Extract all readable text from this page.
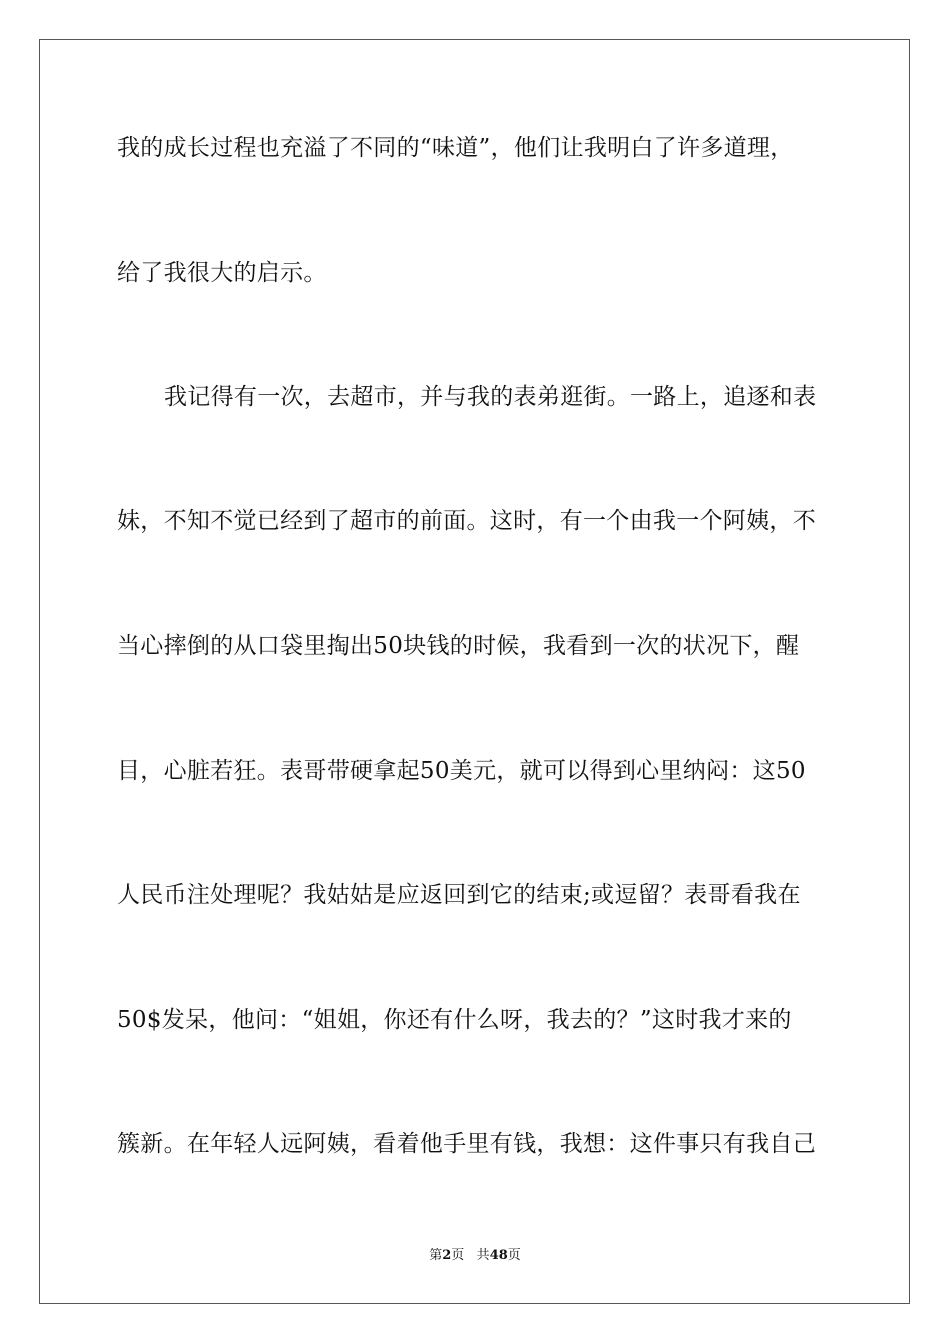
我的成长过程也充溢了不同的“味道”，他们让我明白了许多道理，
给了我很大的启示。
我记得有一次，去超市，并与我的表弟逛街。一路上，追逐和表
妹，不知不觉已经到了超市的前面。这时，有一个由我一个阿姨，不
当心摔倒的从口袋里掏出50块钱的时候，我看到一次的状况下，醒
目，心脏若狂。表哥带硬拿起50美元，就可以得到心里纳闷：这50
人民币注处理呢？我姑姑是应返回到它的结束;或逗留？表哥看我在
50$发呆，他问：“姐姐，你还有什么呀，我去的？”这时我才来的
簇新。在年轻人远阿姨，看着他手里有钱，我想：这件事只有我自己
第2页 共48页
